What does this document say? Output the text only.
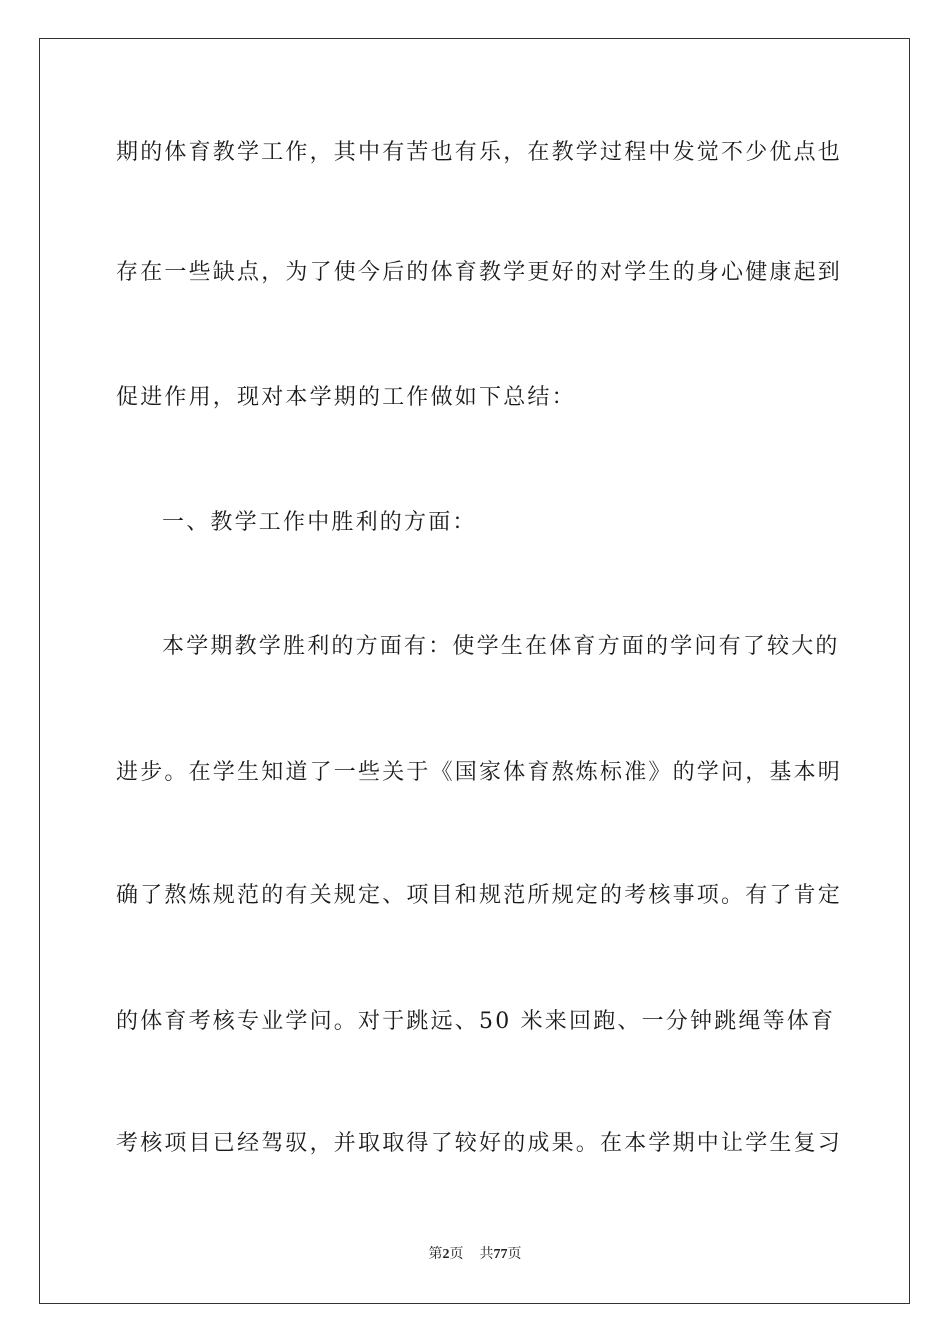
期的体育教学工作，其中有苦也有乐，在教学过程中发觉不少优点也
存在一些缺点，为了使今后的体育教学更好的对学生的身心健康起到
促进作用，现对本学期的工作做如下总结：
一、教学工作中胜利的方面：
本学期教学胜利的方面有：使学生在体育方面的学问有了较大的
进步。在学生知道了一些关于《国家体育熬炼标准》的学问，基本明
确了熬炼规范的有关规定、项目和规范所规定的考核事项。有了肯定
的体育考核专业学问。对于跳远、50 米来回跑、一分钟跳绳等体育
考核项目已经驾驭，并取取得了较好的成果。在本学期中让学生复习
第2页 共77页
